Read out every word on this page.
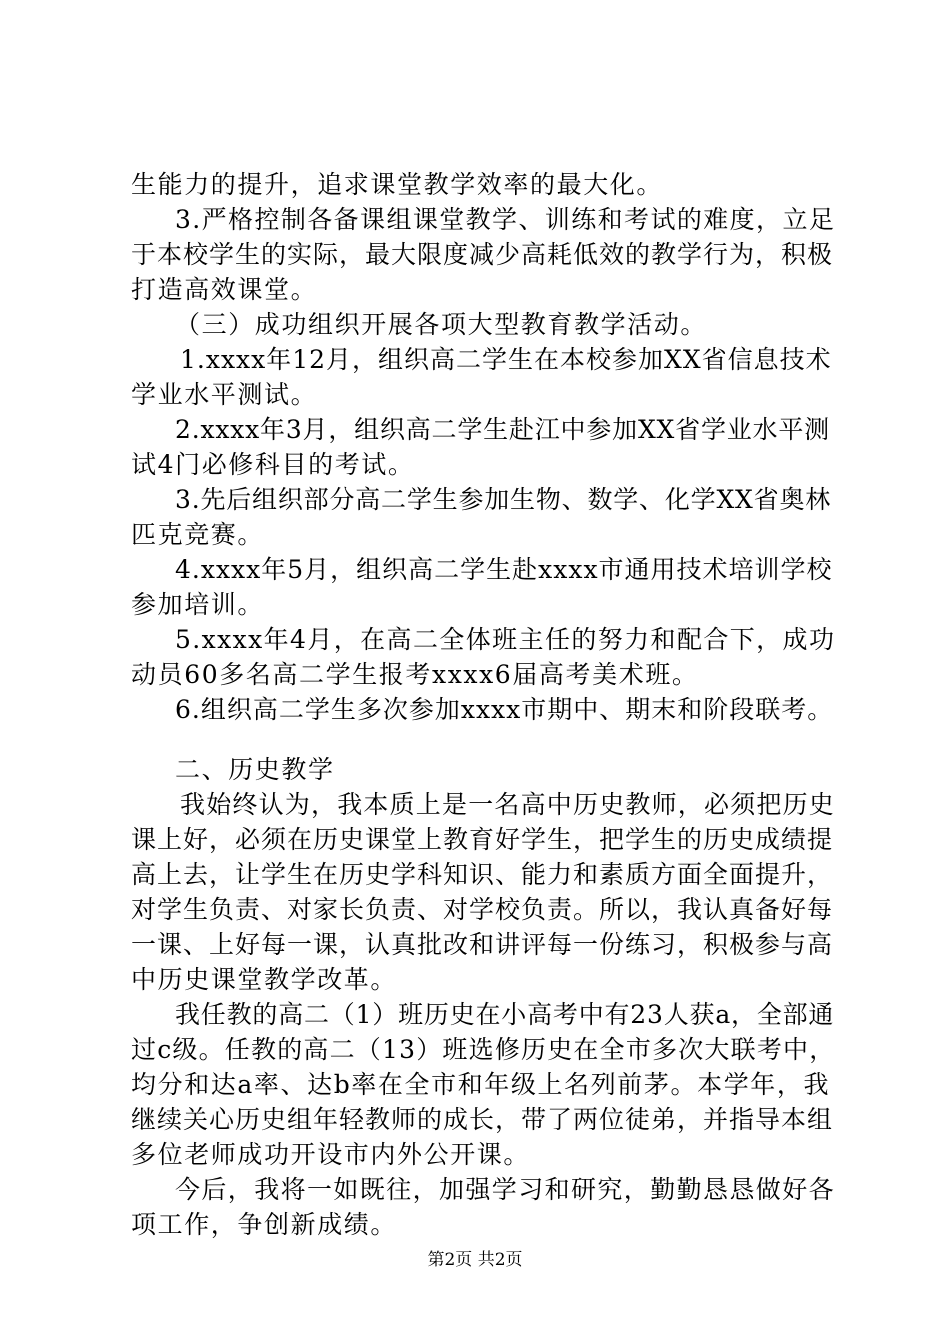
生能力的提升，追求课堂教学效率的最大化。
3.严格控制各备课组课堂教学、训练和考试的难度，立足
于本校学生的实际，最大限度减少高耗低效的教学行为，积极
打造高效课堂。
（三）成功组织开展各项大型教育教学活动。
1.xxxx年12月，组织高二学生在本校参加XX省信息技术
学业水平测试。
2.xxxx年3月，组织高二学生赴江中参加XX省学业水平测
试4门必修科目的考试。
3.先后组织部分高二学生参加生物、数学、化学XX省奥林
匹克竞赛。
4.xxxx年5月，组织高二学生赴xxxx市通用技术培训学校
参加培训。
5.xxxx年4月，在高二全体班主任的努力和配合下，成功
动员60多名高二学生报考xxxx6届高考美术班。
6.组织高二学生多次参加xxxx市期中、期末和阶段联考。
二、历史教学
我始终认为，我本质上是一名高中历史教师，必须把历史
课上好，必须在历史课堂上教育好学生，把学生的历史成绩提
高上去，让学生在历史学科知识、能力和素质方面全面提升，
对学生负责、对家长负责、对学校负责。所以，我认真备好每
一课、上好每一课，认真批改和讲评每一份练习，积极参与高
中历史课堂教学改革。
我任教的高二（1）班历史在小高考中有23人获a，全部通
过c级。任教的高二（13）班选修历史在全市多次大联考中，
均分和达a率、达b率在全市和年级上名列前茅。本学年，我
继续关心历史组年轻教师的成长，带了两位徒弟，并指导本组
多位老师成功开设市内外公开课。
今后，我将一如既往，加强学习和研究，勤勤恳恳做好各
项工作，争创新成绩。
第2页 共2页
